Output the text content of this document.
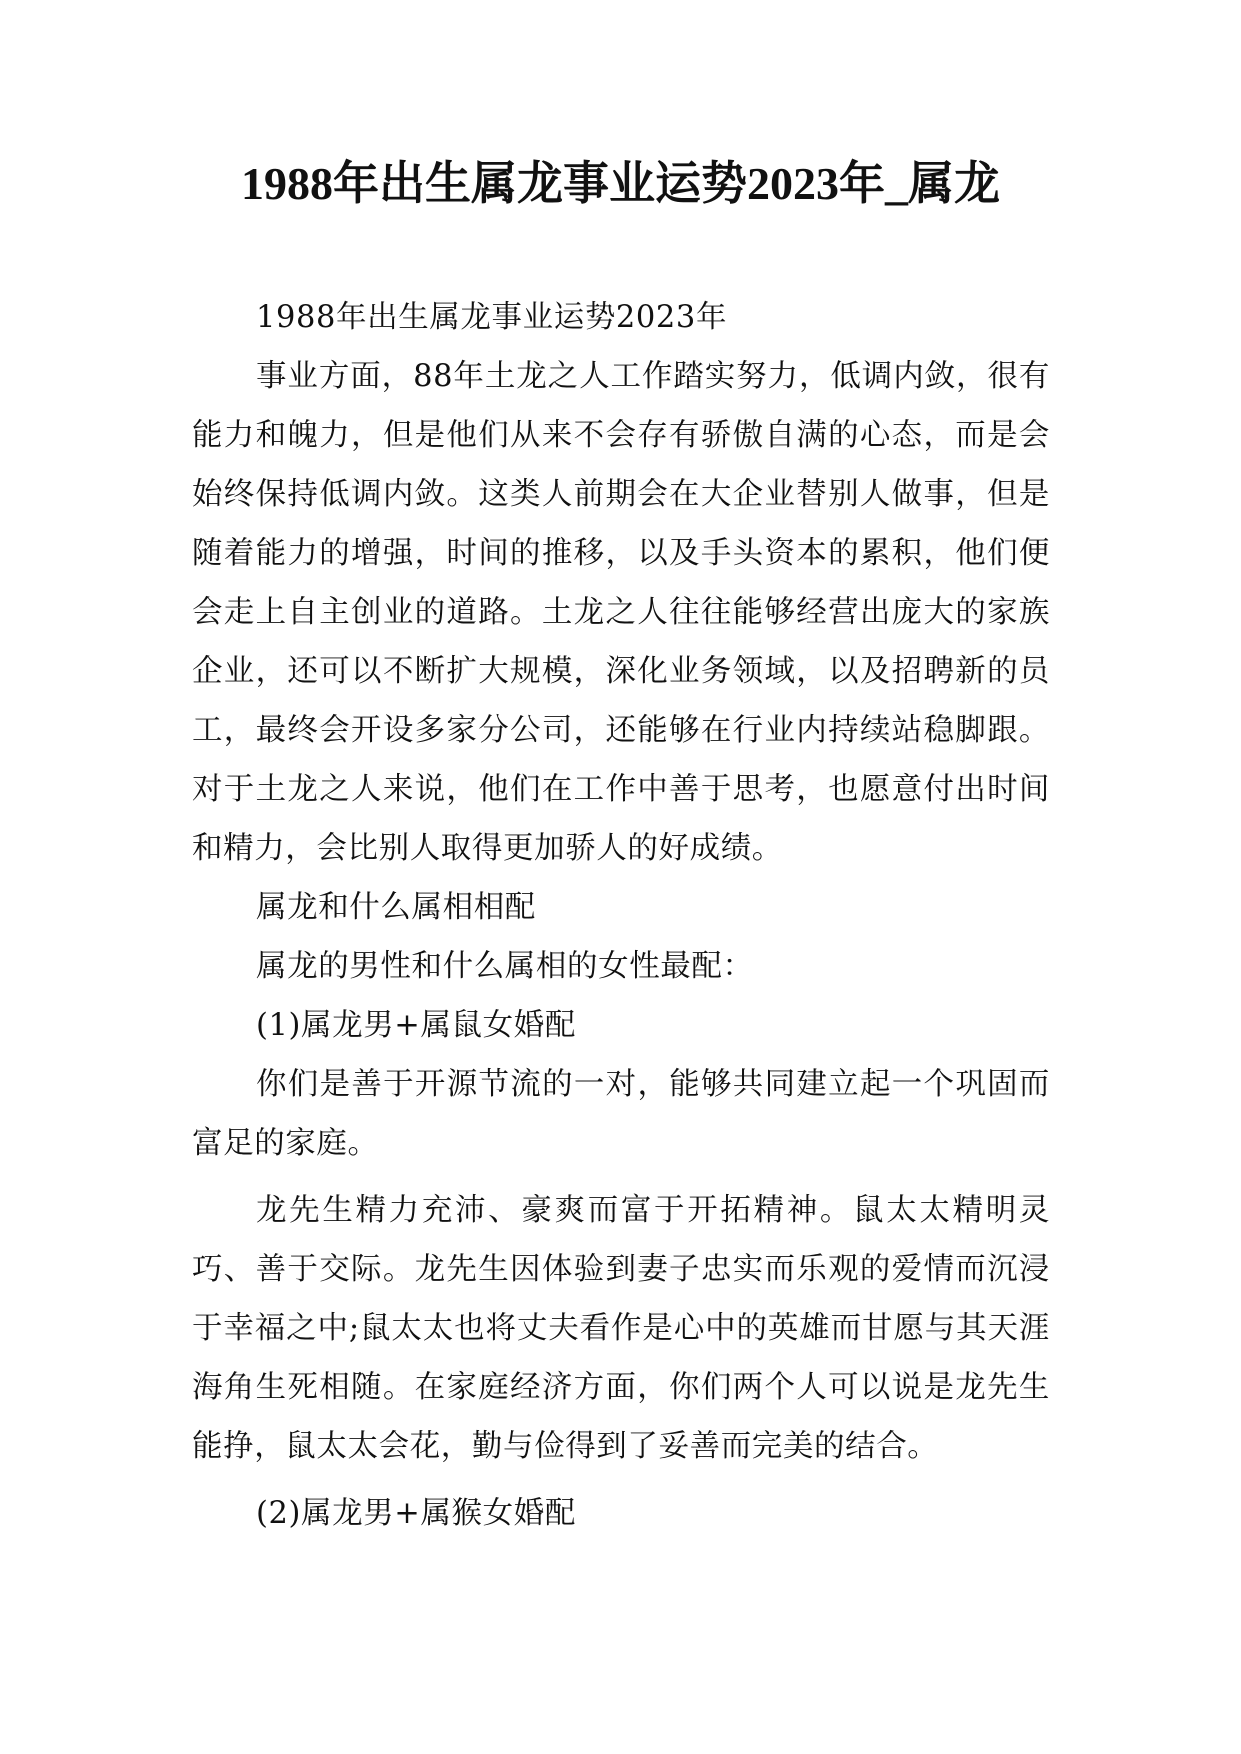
1988年出生属龙事业运势2023年_属龙

1988年出生属龙事业运势2023年

事业方面，88年土龙之人工作踏实努力，低调内敛，很有能力和魄力，但是他们从来不会存有骄傲自满的心态，而是会始终保持低调内敛。这类人前期会在大企业替别人做事，但是随着能力的增强，时间的推移，以及手头资本的累积，他们便会走上自主创业的道路。土龙之人往往能够经营出庞大的家族企业，还可以不断扩大规模，深化业务领域，以及招聘新的员工，最终会开设多家分公司，还能够在行业内持续站稳脚跟。对于土龙之人来说，他们在工作中善于思考，也愿意付出时间和精力，会比别人取得更加骄人的好成绩。

属龙和什么属相相配

属龙的男性和什么属相的女性最配：

(1)属龙男+属鼠女婚配

你们是善于开源节流的一对，能够共同建立起一个巩固而富足的家庭。

龙先生精力充沛、豪爽而富于开拓精神。鼠太太精明灵巧、善于交际。龙先生因体验到妻子忠实而乐观的爱情而沉浸于幸福之中;鼠太太也将丈夫看作是心中的英雄而甘愿与其天涯海角生死相随。在家庭经济方面，你们两个人可以说是龙先生能挣，鼠太太会花，勤与俭得到了妥善而完美的结合。

(2)属龙男+属猴女婚配
